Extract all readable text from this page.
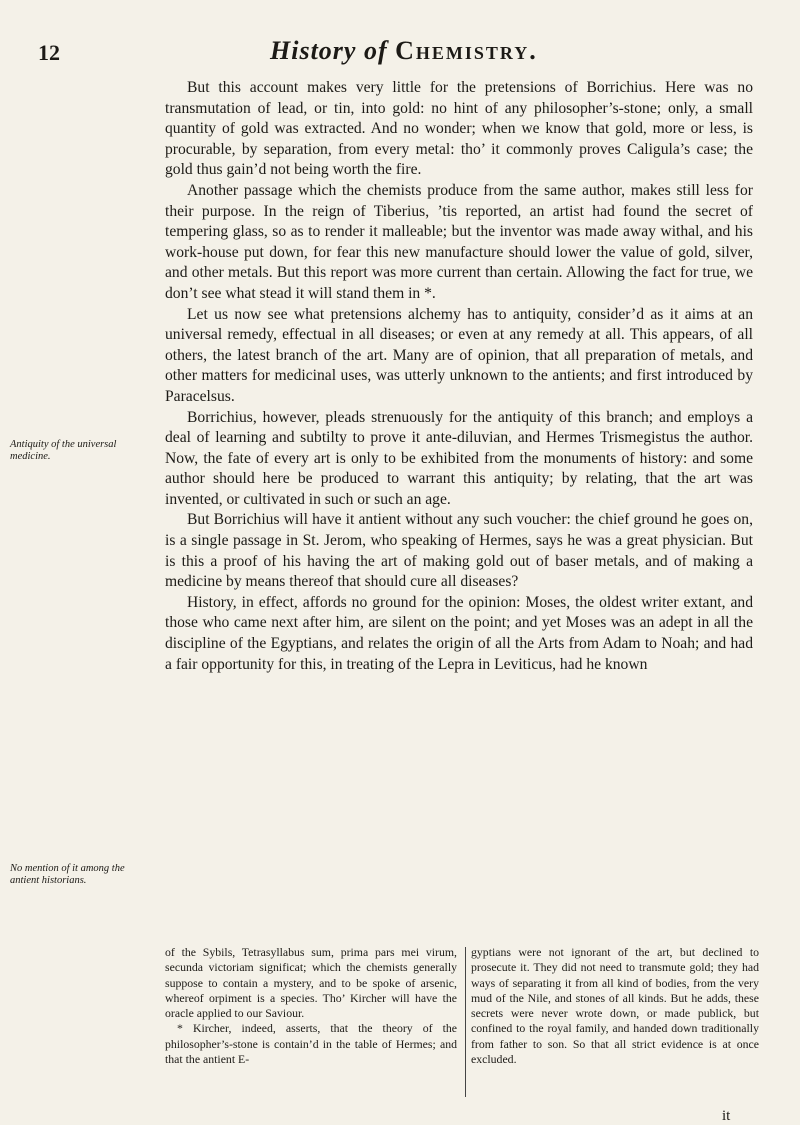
12	History of Chemistry.

But this account makes very little for the pretensions of Borrichius. Here was no transmutation of lead, or tin, into gold: no hint of any philosopher’s-stone; only, a small quantity of gold was extracted. And no wonder; when we know that gold, more or less, is procurable, by separation, from every metal: tho’ it commonly proves Caligula’s case; the gold thus gain’d not being worth the fire.

Another passage which the chemists produce from the same author, makes still less for their purpose. In the reign of Tiberius, ’tis reported, an artist had found the secret of tempering glass, so as to render it malleable; but the inventor was made away withal, and his work-house put down, for fear this new manufacture should lower the value of gold, silver, and other metals. But this report was more current than certain. Allowing the fact for true, we don’t see what stead it will stand them in *.

Let us now see what pretensions alchemy has to antiquity, consider’d as it aims at an universal remedy, effectual in all diseases; or even at any remedy at all. This appears, of all others, the latest branch of the art. Many are of opinion, that all preparation of metals, and other matters for medicinal uses, was utterly unknown to the antients; and first introduced by Paracelsus.

Borrichius, however, pleads strenuously for the antiquity of this branch; and employs a deal of learning and subtilty to prove it ante-diluvian, and Hermes Trismegistus the author. Now, the fate of every art is only to be exhibited from the monuments of history: and some author should here be produced to warrant this antiquity; by relating, that the art was invented, or cultivated in such or such an age.

But Borrichius will have it antient without any such voucher: the chief ground he goes on, is a single passage in St. Jerom, who speaking of Hermes, says he was a great physician. But is this a proof of his having the art of making gold out of baser metals, and of making a medicine by means thereof that should cure all diseases?

History, in effect, affords no ground for the opinion: Moses, the oldest writer extant, and those who came next after him, are silent on the point; and yet Moses was an adept in all the discipline of the Egyptians, and relates the origin of all the Arts from Adam to Noah; and had a fair opportunity for this, in treating of the Lepra in Leviticus, had he known

Antiquity of the universal medicine.
No mention of it among the antient historians.

of the Sybils, Tetrasyllabus sum, prima pars mei virum, secunda victoriam significat; which the chemists generally suppose to contain a mystery, and to be spoke of arsenic, whereof orpiment is a species. Tho’ Kircher will have the oracle applied to our Saviour.

* Kircher, indeed, asserts, that the theory of the philosopher’s-stone is contain’d in the table of Hermes; and that the antient E-

gyptians were not ignorant of the art, but declined to prosecute it. They did not need to transmute gold; they had ways of separating it from all kind of bodies, from the very mud of the Nile, and stones of all kinds. But he adds, these secrets were never wrote down, or made publick, but confined to the royal family, and handed down traditionally from father to son. So that all strict evidence is at once excluded.

it
